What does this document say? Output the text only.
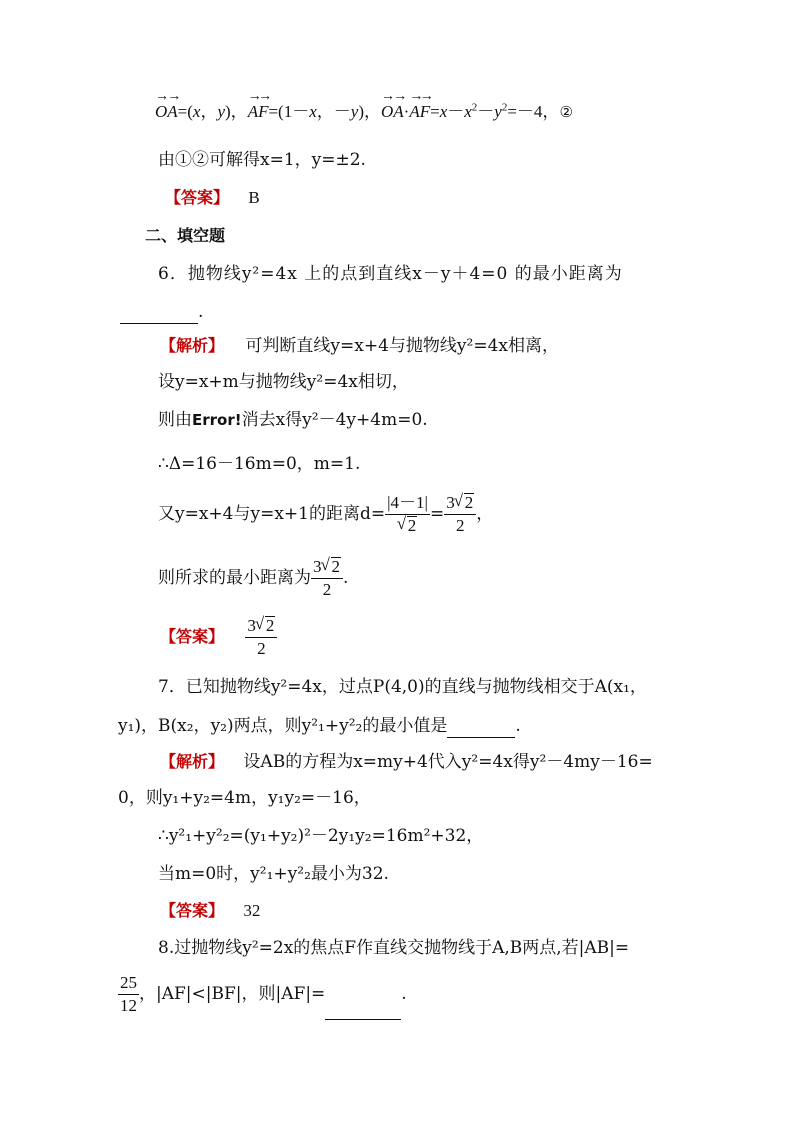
O →A →=(x，y)，A →F →=(1－x，－y)，$O \to A \to\cdot A \to F \to=x-x^2-y^2=-4$，②
由①②可解得x=1，y=±2.
【答案】 B
二、填空题
6．抛物线y²=4x 上的点到直线x－y＋4=0 的最小距离为
.
【解析】 可判断直线y=x+4与抛物线y²=4x相离，
设y=x+m与抛物线y²=4x相切，
则由Error!消去x得y²－4y+4m=0.
∴Δ=16－16m=0，m=1.
又y=x+4与y=x+1的距离d= |4－1|
√ $2 = \frac{3 √ 2}{2}$ ，
则所求的最小距离为 $\frac{3 √ 2}{2}$ .
【答案】 $\frac{3 √ 2}{2}$
7．已知抛物线y²=4x，过点P(4,0)的直线与抛物线相交于A(x₁，
y₁)，B(x₂，y₂)两点，则y²₁+y²₂的最小值是	.
【解析】 设AB的方程为x=my+4代入y²=4x得y²－4my－16=
0，则y₁+y₂=4m，y₁y₂=－16，
∴y²₁+y²₂=(y₁+y₂)²－2y₁y₂=16m²+32，
当m=0时，y²₁+y²₂最小为32.
【答案】 32
8.过抛物线y²=2x的焦点F作直线交抛物线于A,B两点,若|AB|=
$\frac{25}{12}$ ，|AF|<|BF|，则|AF|=	.
